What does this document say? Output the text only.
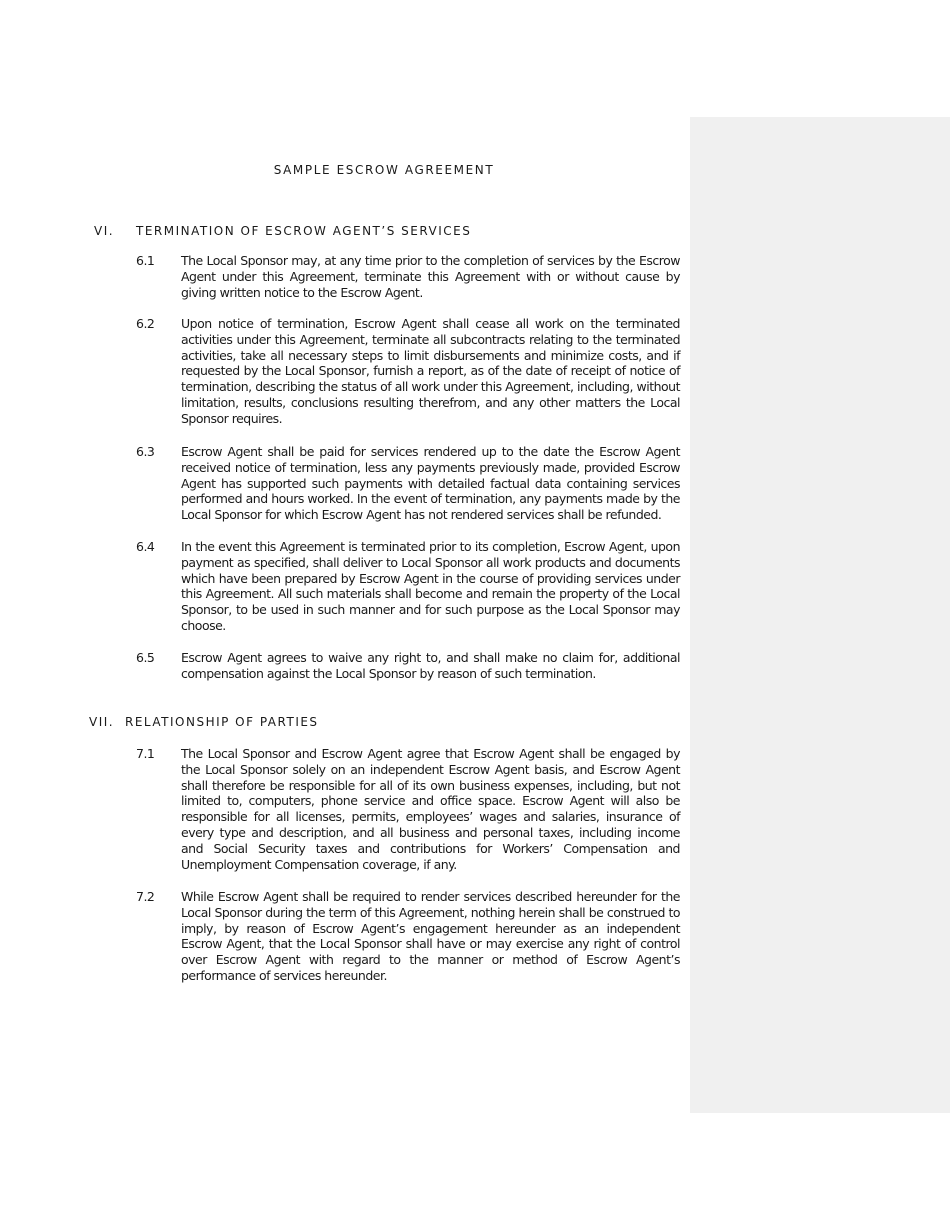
SAMPLE ESCROW AGREEMENT
VI. TERMINATION OF ESCROW AGENT’S SERVICES
6.1	The Local Sponsor may, at any time prior to the completion of services by the Escrow Agent under this Agreement, terminate this Agreement with or without cause by giving written notice to the Escrow Agent.
6.2	Upon notice of termination, Escrow Agent shall cease all work on the terminated activities under this Agreement, terminate all subcontracts relating to the terminated activities, take all necessary steps to limit disbursements and minimize costs, and if requested by the Local Sponsor, furnish a report, as of the date of receipt of notice of termination, describing the status of all work under this Agreement, including, without limitation, results, conclusions resulting therefrom, and any other matters the Local Sponsor requires.
6.3	Escrow Agent shall be paid for services rendered up to the date the Escrow Agent received notice of termination, less any payments previously made, provided Escrow Agent has supported such payments with detailed factual data containing services performed and hours worked. In the event of termination, any payments made by the Local Sponsor for which Escrow Agent has not rendered services shall be refunded.
6.4	In the event this Agreement is terminated prior to its completion, Escrow Agent, upon payment as specified, shall deliver to Local Sponsor all work products and documents which have been prepared by Escrow Agent in the course of providing services under this Agreement. All such materials shall become and remain the property of the Local Sponsor, to be used in such manner and for such purpose as the Local Sponsor may choose.
6.5	Escrow Agent agrees to waive any right to, and shall make no claim for, additional compensation against the Local Sponsor by reason of such termination.
VII. RELATIONSHIP OF PARTIES
7.1	The Local Sponsor and Escrow Agent agree that Escrow Agent shall be engaged by the Local Sponsor solely on an independent Escrow Agent basis, and Escrow Agent shall therefore be responsible for all of its own business expenses, including, but not limited to, computers, phone service and office space. Escrow Agent will also be responsible for all licenses, permits, employees’ wages and salaries, insurance of every type and description, and all business and personal taxes, including income and Social Security taxes and contributions for Workers’ Compensation and Unemployment Compensation coverage, if any.
7.2	While Escrow Agent shall be required to render services described hereunder for the Local Sponsor during the term of this Agreement, nothing herein shall be construed to imply, by reason of Escrow Agent’s engagement hereunder as an independent Escrow Agent, that the Local Sponsor shall have or may exercise any right of control over Escrow Agent with regard to the manner or method of Escrow Agent’s performance of services hereunder.
